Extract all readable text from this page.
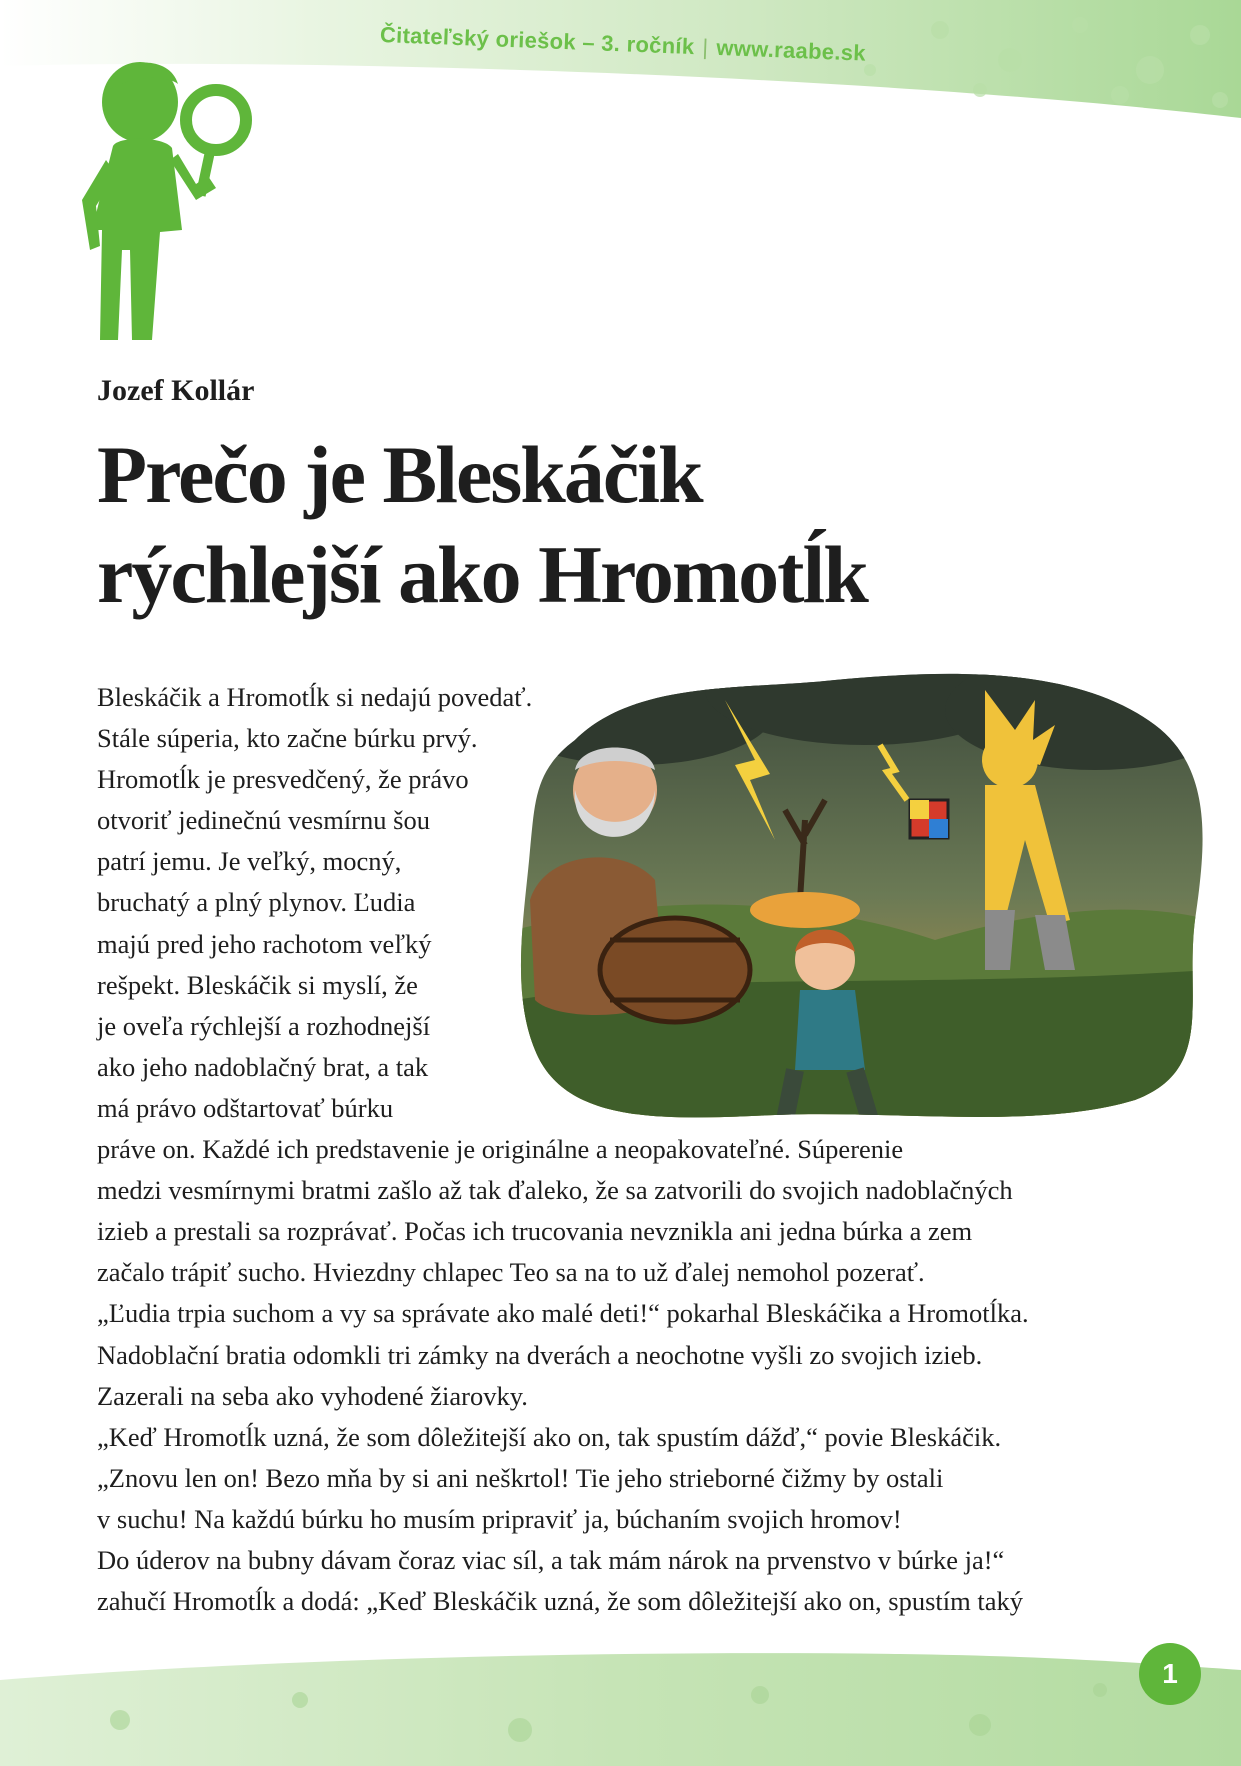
Čitateľský oriešok – 3. ročník | www.raabe.sk
Jozef Kollár
Prečo je Bleskáčik
rýchlejší ako Hromotĺk
Bleskáčik a Hromotĺk si nedajú povedať.
Stále súperia, kto začne búrku prvý.
Hromotĺk je presvedčený, že právo
otvoriť jedinečnú vesmírnu šou
patrí jemu. Je veľký, mocný,
bruchatý a plný plynov. Ľudia
majú pred jeho rachotom veľký
rešpekt. Bleskáčik si myslí, že
je oveľa rýchlejší a rozhodnejší
ako jeho nadoblačný brat, a tak
má právo odštartovať búrku
práve on. Každé ich predstavenie je originálne a neopakovateľné. Súperenie
medzi vesmírnymi bratmi zašlo až tak ďaleko, že sa zatvorili do svojich nadoblačných
izieb a prestali sa rozprávať. Počas ich trucovania nevznikla ani jedna búrka a zem
začalo trápiť sucho. Hviezdny chlapec Teo sa na to už ďalej nemohol pozerať.
„Ľudia trpia suchom a vy sa správate ako malé deti!“ pokarhal Bleskáčika a Hromotĺka.
Nadoblační bratia odomkli tri zámky na dverách a neochotne vyšli zo svojich izieb.
Zazerali na seba ako vyhodené žiarovky.
„Keď Hromotĺk uzná, že som dôležitejší ako on, tak spustím dážď,“ povie Bleskáčik.
„Znovu len on! Bezo mňa by si ani neškrtol! Tie jeho strieborné čižmy by ostali
v suchu! Na každú búrku ho musím pripraviť ja, búchaním svojich hromov!
Do úderov na bubny dávam čoraz viac síl, a tak mám nárok na prvenstvo v búrke ja!“
zahučí Hromotĺk a dodá: „Keď Bleskáčik uzná, že som dôležitejší ako on, spustím taký
1
